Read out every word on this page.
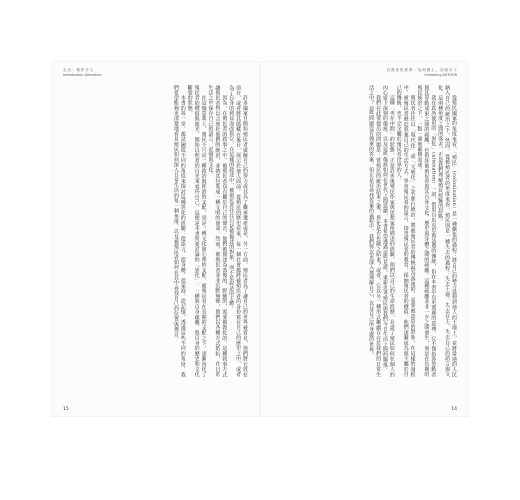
走 出 ： 殖 民 手 几
Introduction Alienation

許多國家自開始殖民者虛擬自己的努力或其為了繼承遺產或是，另一方面，殖民者為了讓自己的世界被看見，他們將它放在前台，或者將其隱藏在後台，展示於他人面前。從殖民的歷史看來，每一個社會都將被殖民者的身份寫在自己的歷史之中，或者為了自身的利益而改寫它。在這樣的敘述中，被殖民者往往只是被描述的對象，而不是說話的主體。

因為，在殖民者的敘事之中，被殖民者沒有屬於自己的聲音，他們被描述為落後的、野蠻的、需要被教化的。這種敘事方式讓殖民者得以合理化他們的統治，並將其包裝成一種文明的使命。然而，被殖民者並非沉默無聲，他們以各種方式抵抗，在日常生活之中保存自己的語言、記憶與文化。

在這個意義上，殖民不只是一種政治與經濟的支配，更是一種文化與心理的支配。被殖民者在長期的支配之下，逐漸內化了殖民者的價值與眼光，開始以他者的目光來看待自己。這便是本書所要討論的「異化」：一種與自身疏離、與自身的歷史和文化斷裂的狀態。

本書的每一章，都試圖從不同的角度來探討這種異化的經驗：從語言、從身體、從家庭、從記憶。透過這些不同的角度，我們希望能夠更清楚地看見殖民如何深入日常生活的每一個角落，以及被殖民者如何在其中尋找自己的位置與聲音。

15
自 我 者 的 度 界 ： 為 何 總 上 、 如 何 出 下
Unmaking AUTHOR

從殖民國家的角度來看，「殖民」（colonization）是一種擴張的過程：將自己的勢力延伸到他人的土地上，並將當地的人民納入自己的統治之下。然而，從被殖民者的角度來看，殖民則是一種失去的過程：失去土地、失去自主、失去自己的語言與文化。這兩種角度之間的落差，正是我們理解殖民經驗的起點。

我在此所使用的「異化」（alienation）一詞，借用自馬克思與法農的傳統，但在本書中有更寬廣的意涵。它不僅指涉勞動者與其勞動成果之間的疏離，也指涉被殖民者與其自身文化、歷史與身體之間的疏離。這種疏離並非一夕之間發生，而是在長期的殖民統治之下，一點一滴地累積而成。

殖民者往往以「現代化」或「文明化」之名進行統治，將被殖民者的傳統視為落後的、需要被改造的對象。在這樣的過程中，被殖民者被迫放棄自己的生活方式，學習殖民者的語言、接受殖民者的教育、採納殖民者的價值。他們逐漸成為既不屬於自己的傳統、也不完全屬於殖民者世界的人。

這種「夾在中間」的狀態，正是許多後殖民作家與思想家所描述的經驗。他們以自己的生命經歷，見證了殖民如何在個人的內心留下深刻的傷痕，以及這些傷痕如何在世代之間延續。本書希望透過這些見證，重新思考殖民與我們今日生活之間的關係。

我們在此要提出的問題是：當殖民的統治結束之後，異化是否也隨之結束？或者，它以另一種形式繼續存在於我們的日常生活之中？這些問題沒有簡單的答案，但正是在尋找答案的過程中，我們得以更深入地理解自己，以及自己所身處的世界。

14
